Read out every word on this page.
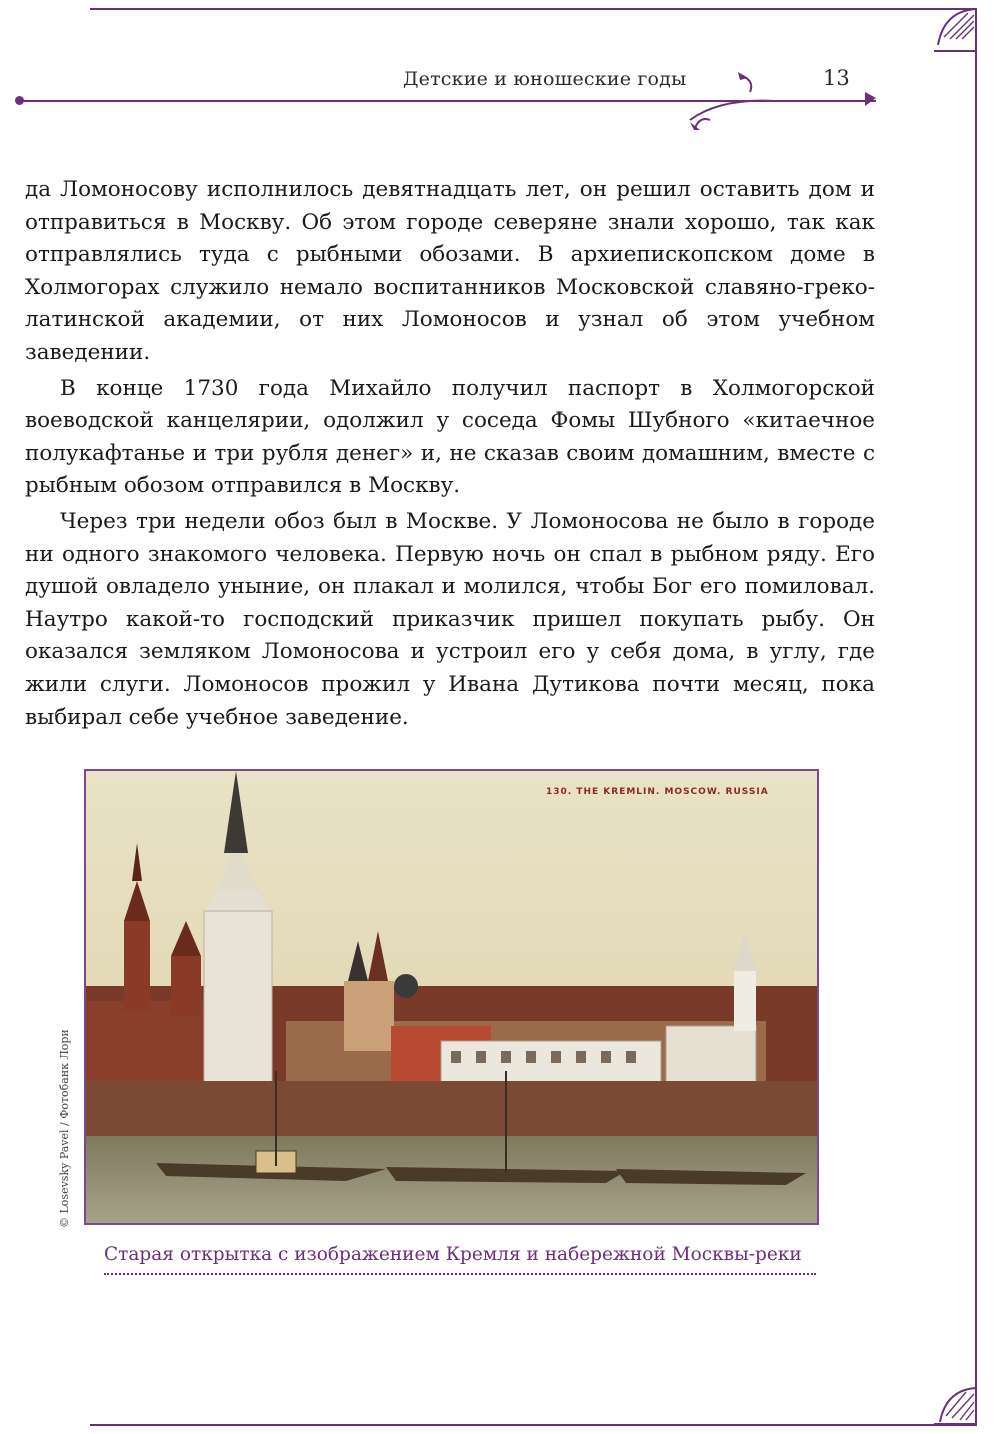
Детские и юношеские годы	13

да Ломоносову исполнилось девятнадцать лет, он решил оставить дом и отправиться в Москву. Об этом городе северяне знали хорошо, так как отправлялись туда с рыбными обозами. В архиепископском доме в Холмогорах служило немало воспитанников Московской славяно-греко-латинской академии, от них Ломоносов и узнал об этом учебном заведении.

В конце 1730 года Михайло получил паспорт в Холмогорской воеводской канцелярии, одолжил у соседа Фомы Шубного «китаечное полукафтанье и три рубля денег» и, не сказав своим домашним, вместе с рыбным обозом отправился в Москву.

Через три недели обоз был в Москве. У Ломоносова не было в городе ни одного знакомого человека. Первую ночь он спал в рыбном ряду. Его душой овладело уныние, он плакал и молился, чтобы Бог его помиловал. Наутро какой-то господский приказчик пришел покупать рыбу. Он оказался земляком Ломоносова и устроил его у себя дома, в углу, где жили слуги. Ломоносов прожил у Ивана Дутикова почти месяц, пока выбирал себе учебное заведение.

130. THE KREMLIN. MOSCOW. RUSSIA
© Losevsky Pavel / Фотобанк Лори
Старая открытка с изображением Кремля и набережной Москвы-реки
